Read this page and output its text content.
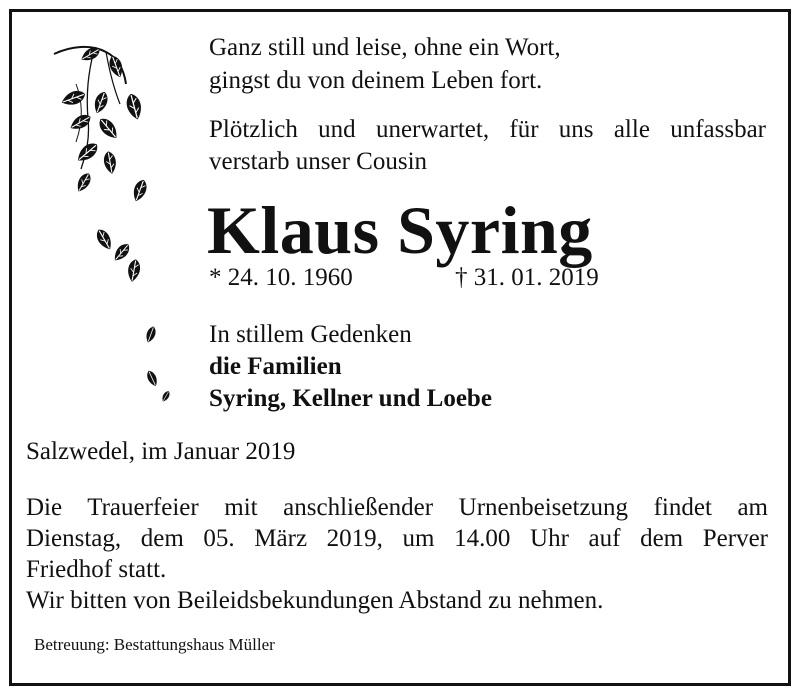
Ganz still und leise, ohne ein Wort,
gingst du von deinem Leben fort.
Plötzlich und unerwartet, für uns alle unfassbar
verstarb unser Cousin
Klaus Syring
* 24. 10. 1960	† 31. 01. 2019
In stillem Gedenken
die Familien
Syring, Kellner und Loebe
Salzwedel, im Januar 2019

Die Trauerfeier mit anschließender Urnenbeisetzung findet am

Dienstag, dem 05. März 2019, um 14.00 Uhr auf dem Perver

Friedhof statt.

Wir bitten von Beileidsbekundungen Abstand zu nehmen.

Betreuung: Bestattungshaus Müller
